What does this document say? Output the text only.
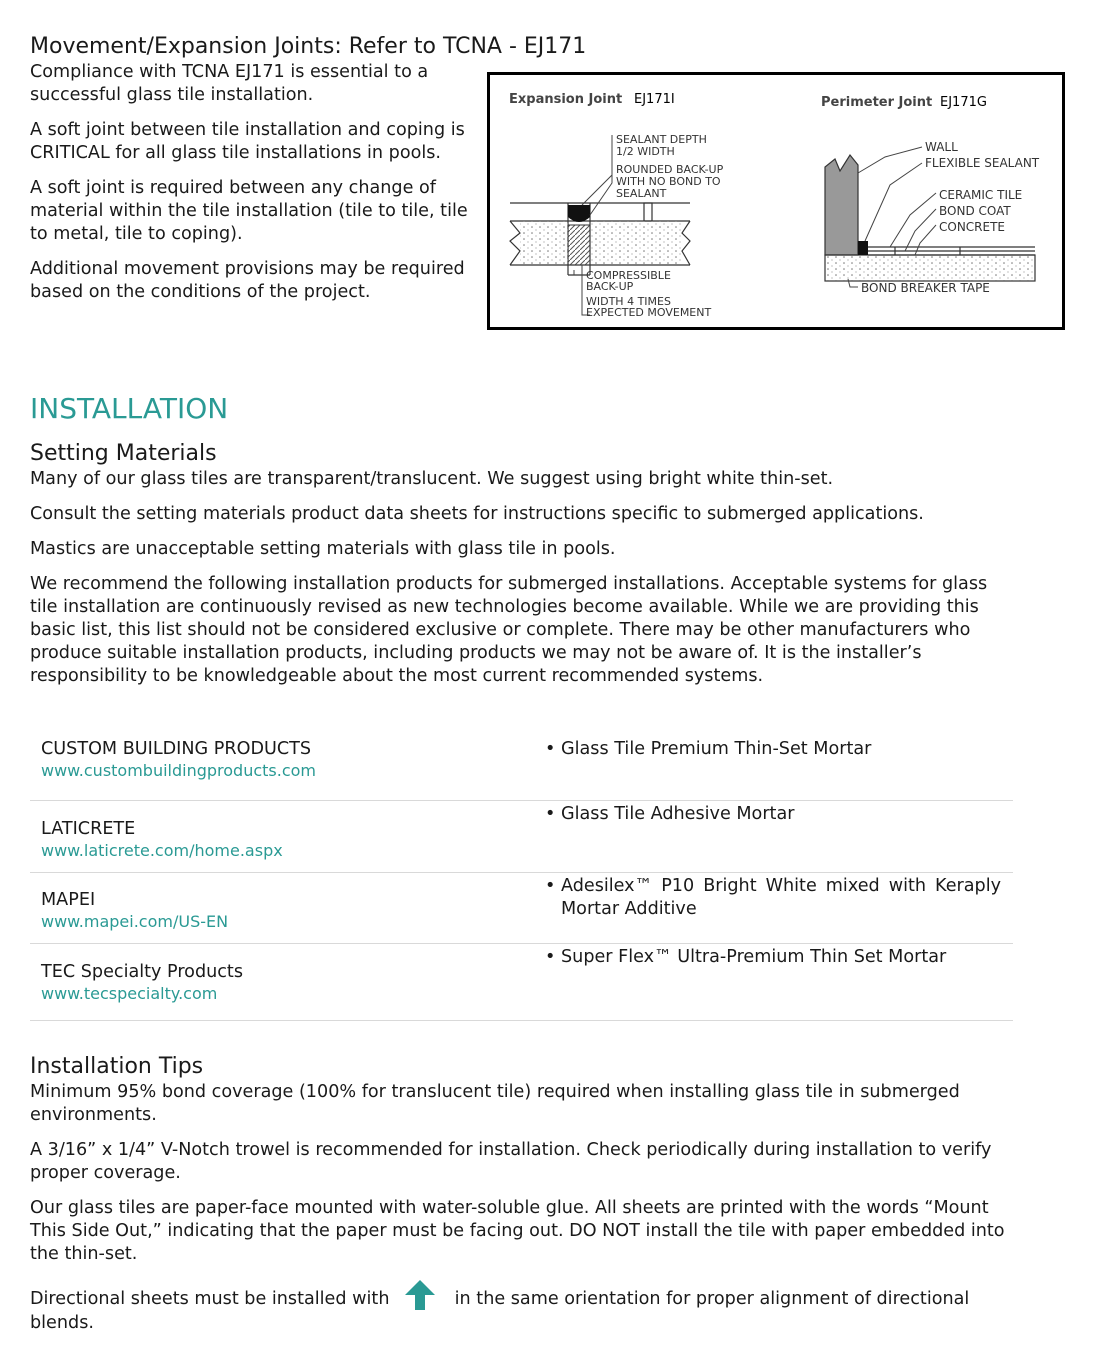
Movement/Expansion Joints: Refer to TCNA - EJ171

Compliance with TCNA EJ171 is essential to a successful glass tile installation.

A soft joint between tile installation and coping is CRITICAL for all glass tile installations in pools.

A soft joint is required between any change of material within the tile installation (tile to tile, tile to metal, tile to coping).

Additional movement provisions may be required based on the conditions of the project.

Expansion Joint EJ171I	Perimeter Joint EJ171G
SEALANT DEPTH
1/2 WIDTH
ROUNDED BACK-UP
WITH NO BOND TO
SEALANT
COMPRESSIBLE
BACK-UP
WIDTH 4 TIMES
EXPECTED MOVEMENT
WALL
FLEXIBLE SEALANT
CERAMIC TILE
BOND COAT
CONCRETE
BOND BREAKER TAPE
INSTALLATION
Setting Materials

Many of our glass tiles are transparent/translucent. We suggest using bright white thin-set.

Consult the setting materials product data sheets for instructions specific to submerged applications.

Mastics are unacceptable setting materials with glass tile in pools.

We recommend the following installation products for submerged installations. Acceptable systems for glass tile installation are continuously revised as new technologies become available. While we are providing this basic list, this list should not be considered exclusive or complete. There may be other manufacturers who produce suitable installation products, including products we may not be aware of. It is the installer’s responsibility to be knowledgeable about the most current recommended systems.

CUSTOM BUILDING PRODUCTS
www.custombuildingproducts.com
• Glass Tile Premium Thin-Set Mortar
LATICRETE
www.laticrete.com/home.aspx
• Glass Tile Adhesive Mortar
MAPEI
www.mapei.com/US-EN
• Adesilex™ P10 Bright White mixed with Keraply Mortar Additive
TEC Specialty Products
www.tecspecialty.com
• Super Flex™ Ultra-Premium Thin Set Mortar
Installation Tips

Minimum 95% bond coverage (100% for translucent tile) required when installing glass tile in submerged environments.

A 3/16” x 1/4” V-Notch trowel is recommended for installation. Check periodically during installation to verify proper coverage.

Our glass tiles are paper-face mounted with water-soluble glue. All sheets are printed with the words “Mount This Side Out,” indicating that the paper must be facing out. DO NOT install the tile with paper embedded into the thin-set.

Directional sheets must be installed with	in the same orientation for proper alignment of directional blends.
